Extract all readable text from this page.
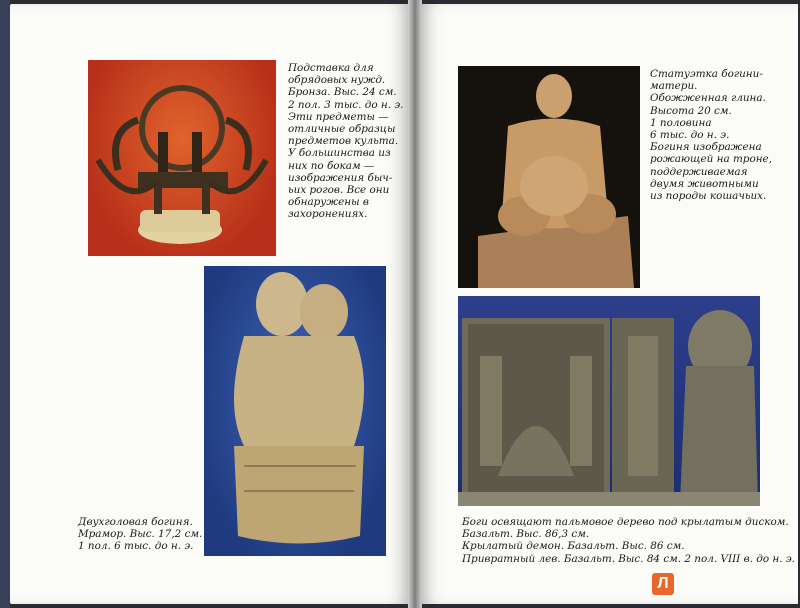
Подставка для
обрядовых нужд.
Бронза. Выс. 24 см.
2 пол. 3 тыс. до н. э.
Эти предметы —
отличные образцы
предметов культа.
У большинства из
них по бокам —
изображения быч-
ьих рогов. Все они
обнаружены в
захоронениях.
Двухголовая богиня.
Мрамор. Выс. 17,2 см.
1 пол. 6 тыс. до н. э.
Статуэтка богини-
матери.
Обожженная глина.
Высота 20 см.
1 половина
6 тыс. до н. э.
Богиня изображена
рожающей на троне,
поддерживаемая
двумя животными
из породы кошачьих.
Боги освящают пальмовое дерево под крылатым диском.
Базальт. Выс. 86,3 см.
Крылатый демон. Базальт. Выс. 86 см.
Привратный лев. Базальт. Выс. 84 см. 2 пол. VIII в. до н. э.
Л
